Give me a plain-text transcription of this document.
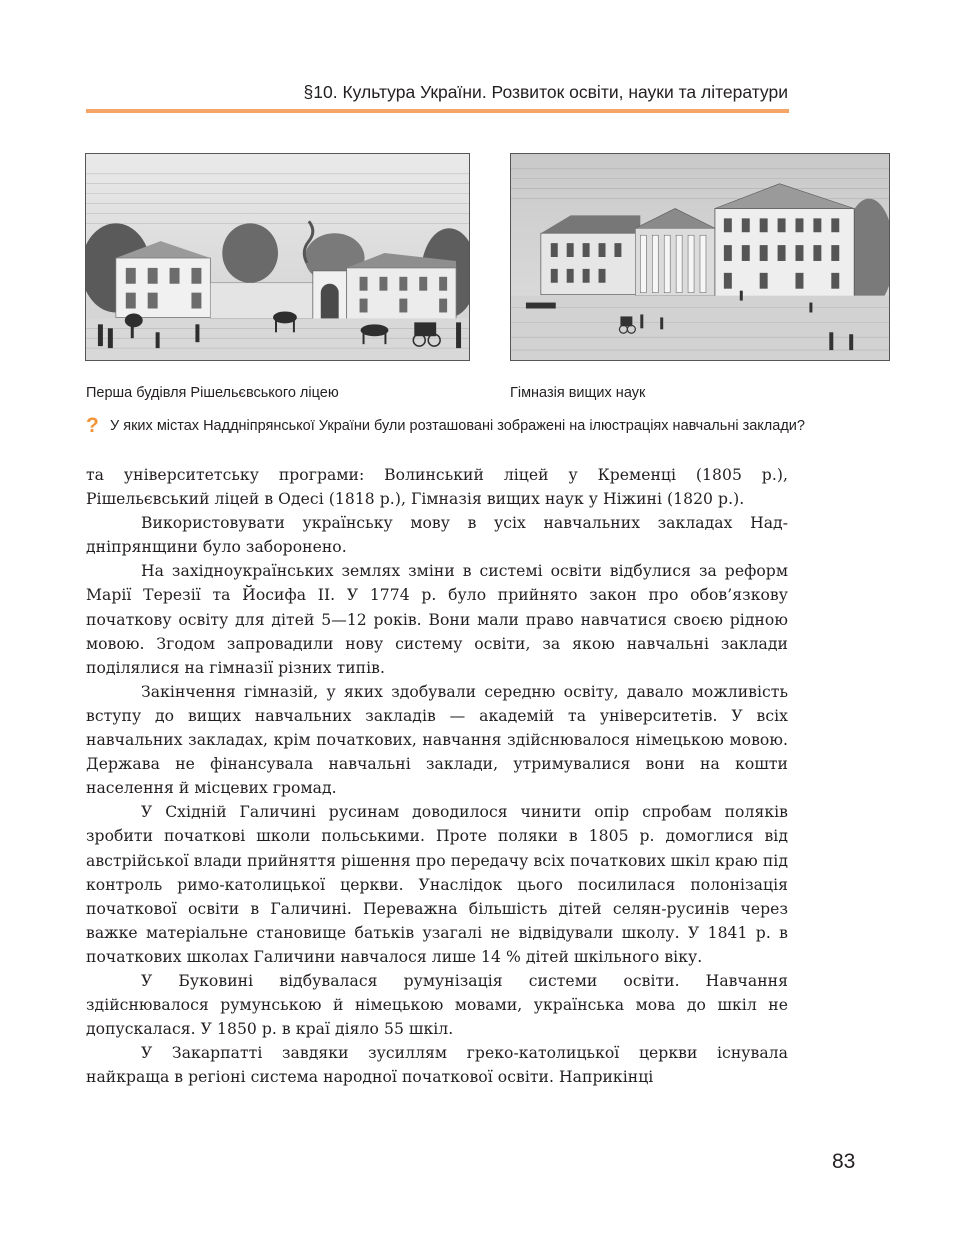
§10. Культура України. Розвиток освіти, науки та літератури
Перша будівля Рішельєвського ліцею	Гімназія вищих наук
? У яких містах Наддніпрянської України були розташовані зображені на ілюстраціях навчальні заклади?

та університетську програми: Волинський ліцей у Кременці (1805 р.), Рішельєвський ліцей в Одесі (1818 р.), Гімназія вищих наук у Ніжині (1820 р.).

Використовувати українську мову в усіх навчальних закладах Наддніпрянщини було заборонено.

На західноукраїнських землях зміни в системі освіти відбулися за реформ Марії Терезії та Йосифа ІІ. У 1774 р. було прийнято закон про обов’язкову початкову освіту для дітей 5—12 років. Вони мали право навчатися своєю рідною мовою. Згодом запровадили нову систему освіти, за якою навчальні заклади поділялися на гімназії різних типів.

Закінчення гімназій, у яких здобували середню освіту, давало можливість вступу до вищих навчальних закладів — академій та університетів. У всіх навчальних закладах, крім початкових, навчання здійснювалося німецькою мовою. Держава не фінансувала навчальні заклади, утримувалися вони на кошти населення й місцевих громад.

У Східній Галичині русинам доводилося чинити опір спробам поляків зробити початкові школи польськими. Проте поляки в 1805 р. домоглися від австрійської влади прийняття рішення про передачу всіх початкових шкіл краю під контроль римо-католицької церкви. Унаслідок цього посилилася полонізація початкової освіти в Галичині. Переважна більшість дітей селян-русинів через важке матеріальне становище батьків узагалі не відвідували школу. У 1841 р. в початкових школах Галичини навчалося лише 14 % дітей шкільного віку.

У Буковині відбувалася румунізація системи освіти. Навчання здійснювалося румунською й німецькою мовами, українська мова до шкіл не допускалася. У 1850 р. в краї діяло 55 шкіл.

У Закарпатті завдяки зусиллям греко-католицької церкви існувала найкраща в регіоні система народної початкової освіти. Наприкінці

83
